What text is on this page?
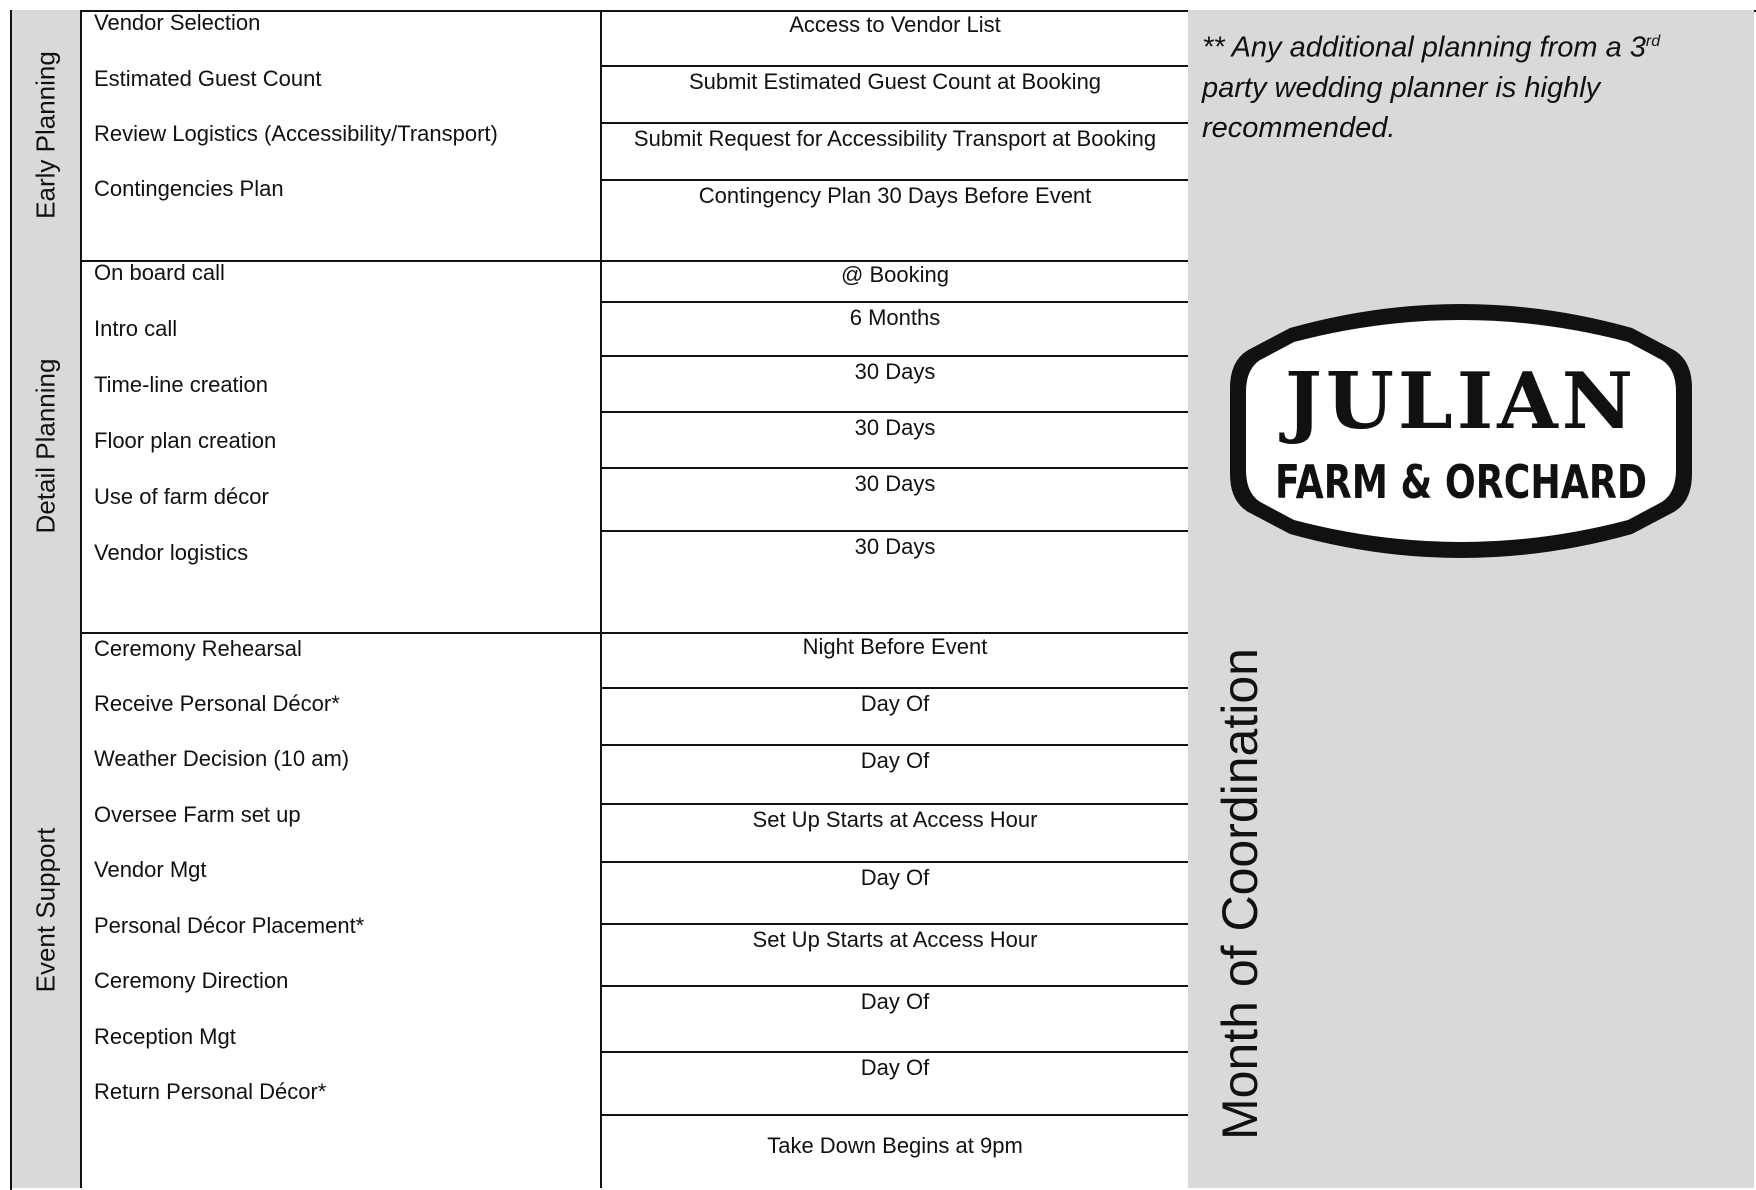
Early Planning
Vendor Selection
Estimated Guest Count
Review Logistics (Accessibility/Transport)
Contingencies Plan
Access to Vendor List
Submit Estimated Guest Count at Booking
Submit Request for Accessibility Transport at Booking
Contingency Plan 30 Days Before Event
** Any additional planning from a 3rd party wedding planner is highly recommended.
Detail Planning
On board call
Intro call
Time-line creation
Floor plan creation
Use of farm décor
Vendor logistics
@ Booking
6 Months
30 Days
30 Days
30 Days
30 Days
JULIAN
FARM & ORCHARD
Event Support
Ceremony Rehearsal
Receive Personal Décor*
Weather Decision (10 am)
Oversee Farm set up
Vendor Mgt
Personal Décor Placement*
Ceremony Direction
Reception Mgt
Return Personal Décor*
Night Before Event
Day Of
Day Of
Set Up Starts at Access Hour
Day Of
Set Up Starts at Access Hour
Day Of
Day Of
Take Down Begins at 9pm
Month of Coordination
